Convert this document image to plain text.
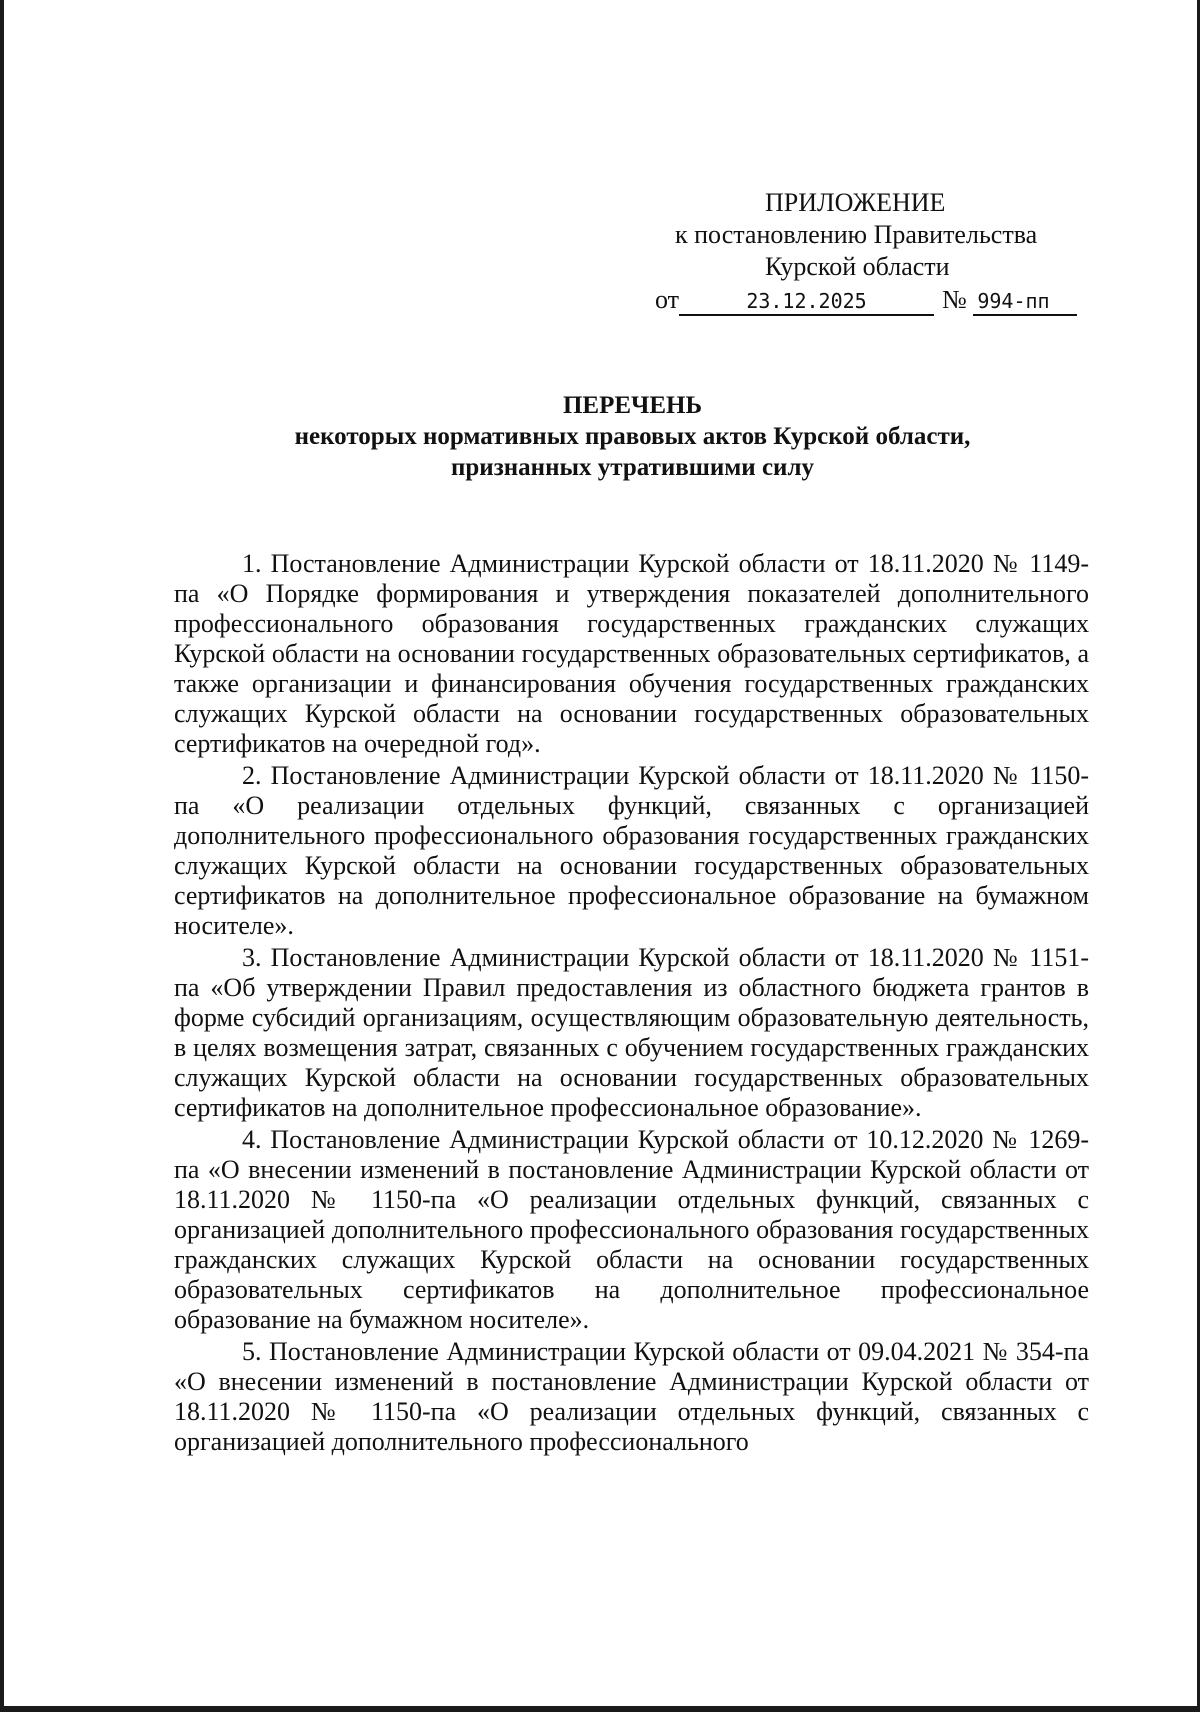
ПРИЛОЖЕНИЕ
к постановлению Правительства
Курской области
от	23.12.2025	№ 994-пп
ПЕРЕЧЕНЬ
некоторых нормативных правовых актов Курской области,
признанных утратившими силу

1. Постановление Администрации Курской области от 18.11.2020 № 1149-па «О Порядке формирования и утверждения показателей дополнительного профессионального образования государственных гражданских служащих Курской области на основании государственных образовательных сертификатов, а также организации и финансирования обучения государственных гражданских служащих Курской области на основании государственных образовательных сертификатов на очередной год».

2. Постановление Администрации Курской области от 18.11.2020 № 1150-па «О реализации отдельных функций, связанных с организацией дополнительного профессионального образования государственных гражданских служащих Курской области на основании государственных образовательных сертификатов на дополнительное профессиональное образование на бумажном носителе».

3. Постановление Администрации Курской области от 18.11.2020 № 1151-па «Об утверждении Правил предоставления из областного бюджета грантов в форме субсидий организациям, осуществляющим образовательную деятельность, в целях возмещения затрат, связанных с обучением государственных гражданских служащих Курской области на основании государственных образовательных сертификатов на дополнительное профессиональное образование».

4. Постановление Администрации Курской области от 10.12.2020 № 1269-па «О внесении изменений в постановление Администрации Курской области от 18.11.2020 № 1150-па «О реализации отдельных функций, связанных с организацией дополнительного профессионального образования государственных гражданских служащих Курской области на основании государственных образовательных сертификатов на дополнительное профессиональное образование на бумажном носителе».

5. Постановление Администрации Курской области от 09.04.2021 № 354-па «О внесении изменений в постановление Администрации Курской области от 18.11.2020 № 1150-па «О реализации отдельных функций, связанных с организацией дополнительного профессионального
